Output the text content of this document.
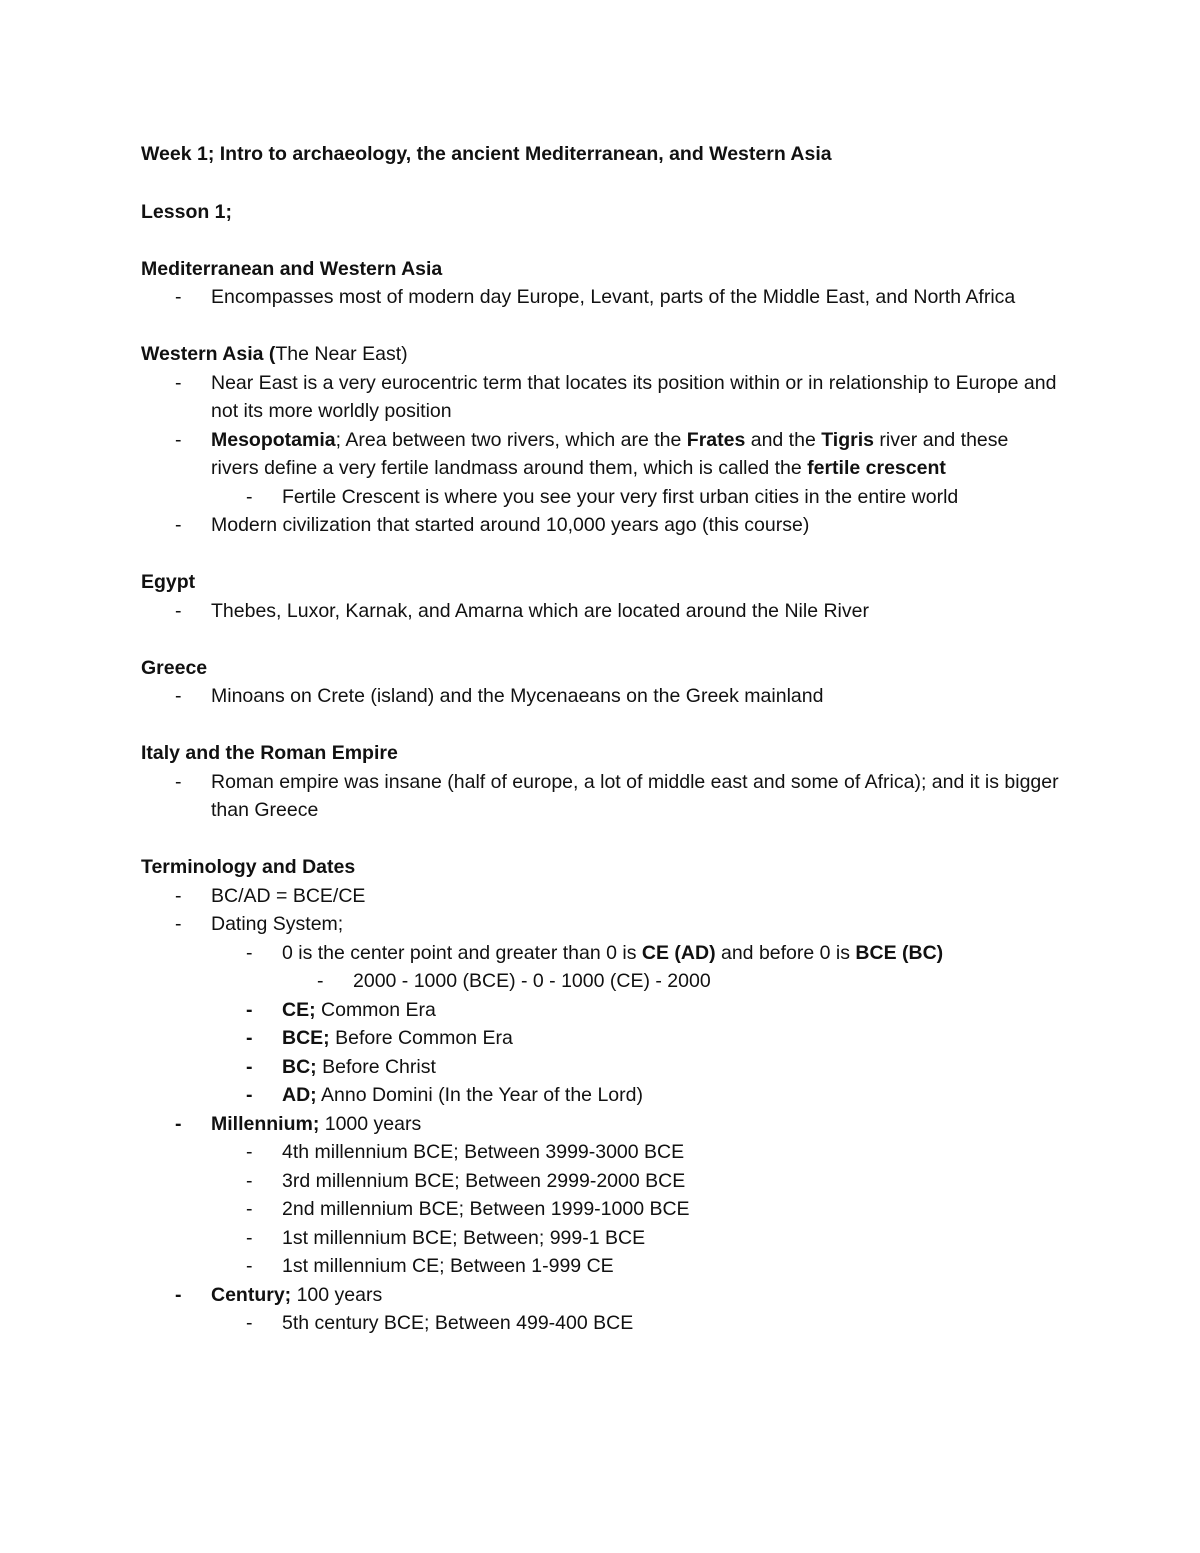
Week 1; Intro to archaeology, the ancient Mediterranean, and Western Asia

Lesson 1;

Mediterranean and Western Asia

- Encompasses most of modern day Europe, Levant, parts of the Middle East, and North Africa

Western Asia (The Near East)

- Near East is a very eurocentric term that locates its position within or in relationship to Europe and not its more worldly position
- Mesopotamia; Area between two rivers, which are the Frates and the Tigris river and these rivers define a very fertile landmass around them, which is called the fertile crescent
- Fertile Crescent is where you see your very first urban cities in the entire world
- Modern civilization that started around 10,000 years ago (this course)

Egypt

- Thebes, Luxor, Karnak, and Amarna which are located around the Nile River

Greece

- Minoans on Crete (island) and the Mycenaeans on the Greek mainland

Italy and the Roman Empire

- Roman empire was insane (half of europe, a lot of middle east and some of Africa); and it is bigger than Greece

Terminology and Dates

- BC/AD = BCE/CE
- Dating System;
- 0 is the center point and greater than 0 is CE (AD) and before 0 is BCE (BC)
- 2000 - 1000 (BCE) - 0 - 1000 (CE) - 2000
- CE; Common Era
- BCE; Before Common Era
- BC; Before Christ
- AD; Anno Domini (In the Year of the Lord)
- Millennium; 1000 years
- 4th millennium BCE; Between 3999-3000 BCE
- 3rd millennium BCE; Between 2999-2000 BCE
- 2nd millennium BCE; Between 1999-1000 BCE
- 1st millennium BCE; Between; 999-1 BCE
- 1st millennium CE; Between 1-999 CE
- Century; 100 years
- 5th century BCE; Between 499-400 BCE
